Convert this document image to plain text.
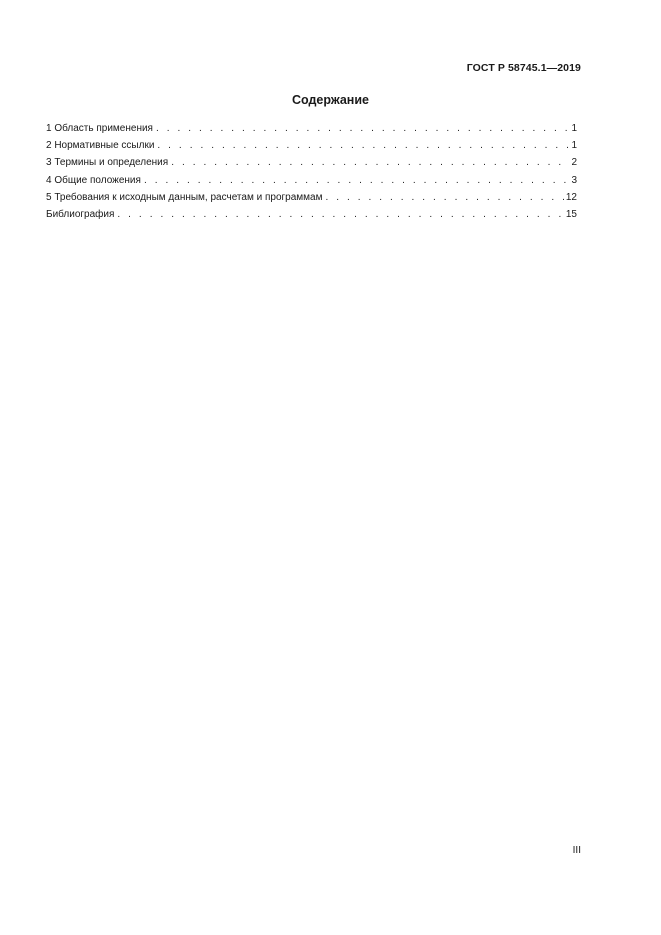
ГОСТ Р 58745.1—2019
Содержание
1 Область применения . . .	1
2 Нормативные ссылки . . .	1
3 Термины и определения . . .	2
4 Общие положения . . .	3
5 Требования к исходным данным, расчетам и программам . . .	12
Библиография . . .	15
III
